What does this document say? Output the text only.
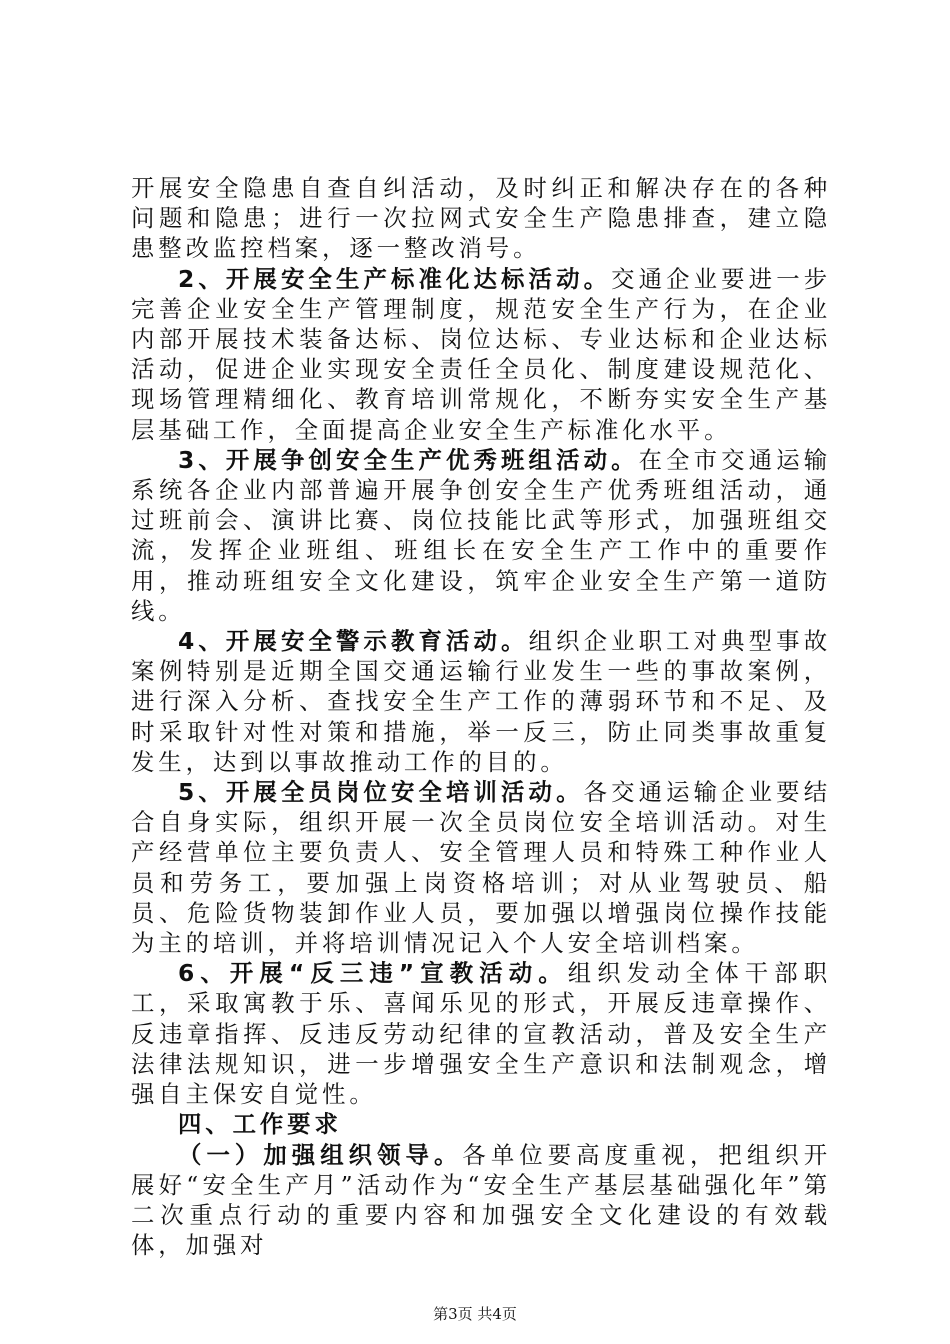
开展安全隐患自查自纠活动，及时纠正和解决存在的各种问题和隐患；进行一次拉网式安全生产隐患排查，建立隐患整改监控档案，逐一整改消号。

2、开展安全生产标准化达标活动。交通企业要进一步完善企业安全生产管理制度，规范安全生产行为，在企业内部开展技术装备达标、岗位达标、专业达标和企业达标活动，促进企业实现安全责任全员化、制度建设规范化、现场管理精细化、教育培训常规化，不断夯实安全生产基层基础工作，全面提高企业安全生产标准化水平。

3、开展争创安全生产优秀班组活动。在全市交通运输系统各企业内部普遍开展争创安全生产优秀班组活动，通过班前会、演讲比赛、岗位技能比武等形式，加强班组交流，发挥企业班组、班组长在安全生产工作中的重要作用，推动班组安全文化建设，筑牢企业安全生产第一道防线。

4、开展安全警示教育活动。组织企业职工对典型事故案例特别是近期全国交通运输行业发生一些的事故案例，进行深入分析、查找安全生产工作的薄弱环节和不足、及时采取针对性对策和措施，举一反三，防止同类事故重复发生，达到以事故推动工作的目的。

5、开展全员岗位安全培训活动。各交通运输企业要结合自身实际，组织开展一次全员岗位安全培训活动。对生产经营单位主要负责人、安全管理人员和特殊工种作业人员和劳务工，要加强上岗资格培训；对从业驾驶员、船员、危险货物装卸作业人员，要加强以增强岗位操作技能为主的培训，并将培训情况记入个人安全培训档案。

6、开展“反三违”宣教活动。组织发动全体干部职工，采取寓教于乐、喜闻乐见的形式，开展反违章操作、反违章指挥、反违反劳动纪律的宣教活动，普及安全生产法律法规知识，进一步增强安全生产意识和法制观念，增强自主保安自觉性。

四、工作要求

（一）加强组织领导。各单位要高度重视，把组织开展好“安全生产月”活动作为“安全生产基层基础强化年”第二次重点行动的重要内容和加强安全文化建设的有效载体，加强对

第3页 共4页
